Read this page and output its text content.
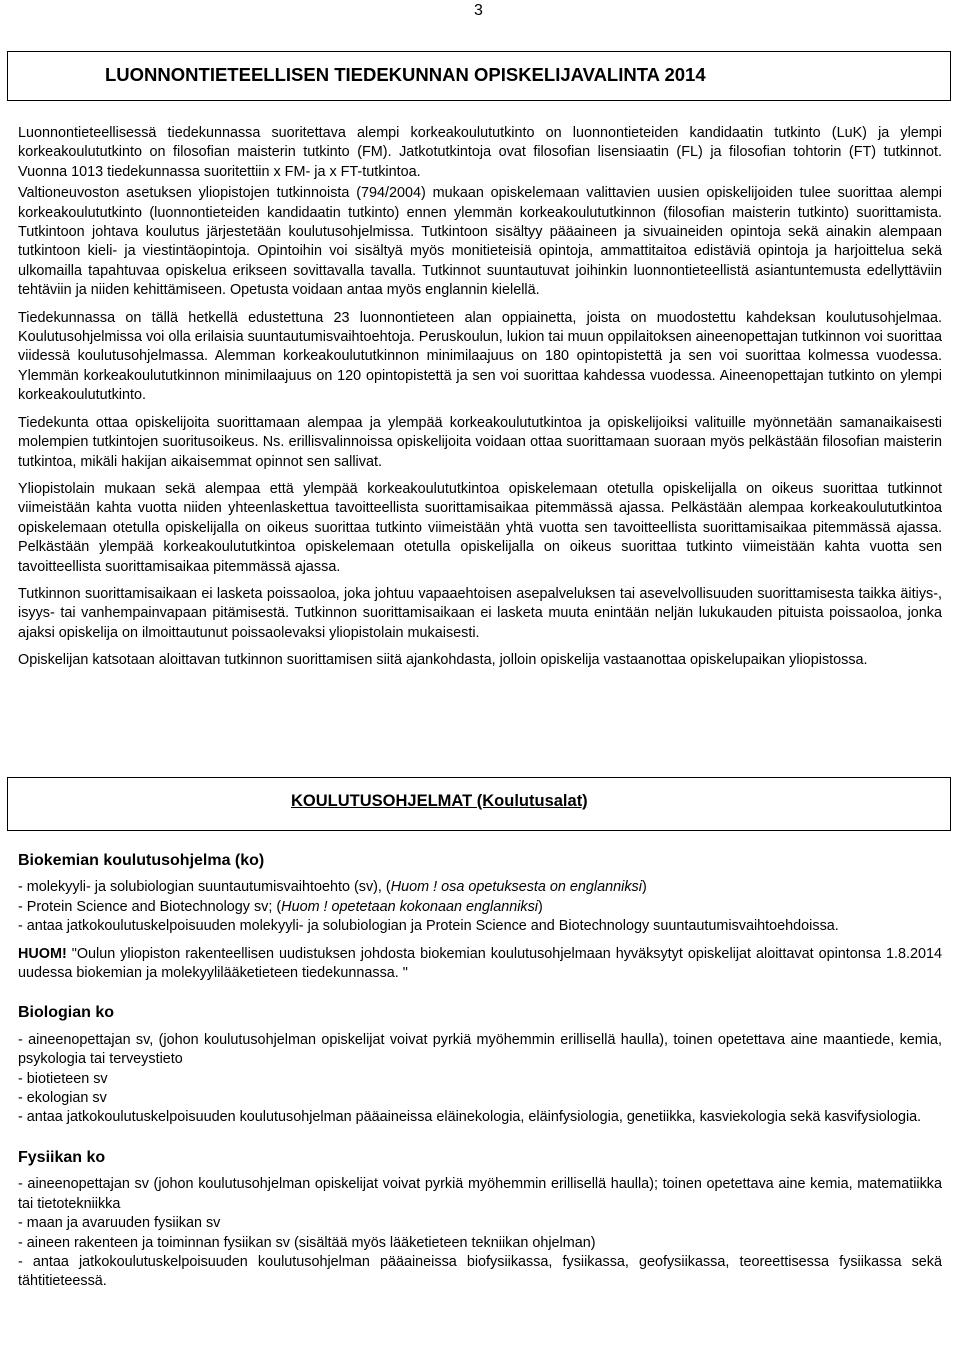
3
LUONNONTIETEELLISEN TIEDEKUNNAN OPISKELIJAVALINTA 2014

Luonnontieteellisessä tiedekunnassa suoritettava alempi korkeakoulututkinto on luonnontieteiden kandidaatin tutkinto (LuK) ja ylempi korkeakoulututkinto on filosofian maisterin tutkinto (FM). Jatkotutkintoja ovat filosofian lisensiaatin (FL) ja filosofian tohtorin (FT) tutkinnot. Vuonna 1013 tiedekunnassa suoritettiin x FM- ja x FT-tutkintoa.

Valtioneuvoston asetuksen yliopistojen tutkinnoista (794/2004) mukaan opiskelemaan valittavien uusien opiskelijoiden tulee suorittaa alempi korkeakoulututkinto (luonnontieteiden kandidaatin tutkinto) ennen ylemmän korkeakoulututkinnon (filosofian maisterin tutkinto) suorittamista. Tutkintoon johtava koulutus järjestetään koulutusohjelmissa. Tutkintoon sisältyy pääaineen ja sivuaineiden opintoja sekä ainakin alempaan tutkintoon kieli- ja viestintäopintoja. Opintoihin voi sisältyä myös monitieteisiä opintoja, ammattitaitoa edistäviä opintoja ja harjoittelua sekä ulkomailla tapahtuvaa opiskelua erikseen sovittavalla tavalla. Tutkinnot suuntautuvat joihinkin luonnontieteellistä asiantuntemusta edellyttäviin tehtäviin ja niiden kehittämiseen. Opetusta voidaan antaa myös englannin kielellä.

Tiedekunnassa on tällä hetkellä edustettuna 23 luonnontieteen alan oppiainetta, joista on muodostettu kahdeksan koulutusohjelmaa. Koulutusohjelmissa voi olla erilaisia suuntautumisvaihtoehtoja. Peruskoulun, lukion tai muun oppilaitoksen aineenopettajan tutkinnon voi suorittaa viidessä koulutusohjelmassa. Alemman korkeakoulututkinnon minimilaajuus on 180 opintopistettä ja sen voi suorittaa kolmessa vuodessa. Ylemmän korkeakoulututkinnon minimilaajuus on 120 opintopistettä ja sen voi suorittaa kahdessa vuodessa. Aineenopettajan tutkinto on ylempi korkeakoulututkinto.

Tiedekunta ottaa opiskelijoita suorittamaan alempaa ja ylempää korkeakoulututkintoa ja opiskelijoiksi valituille myönnetään samanaikaisesti molempien tutkintojen suoritusoikeus. Ns. erillisvalinnoissa opiskelijoita voidaan ottaa suorittamaan suoraan myös pelkästään filosofian maisterin tutkintoa, mikäli hakijan aikaisemmat opinnot sen sallivat.

Yliopistolain mukaan sekä alempaa että ylempää korkeakoulututkintoa opiskelemaan otetulla opiskelijalla on oikeus suorittaa tutkinnot viimeistään kahta vuotta niiden yhteenlaskettua tavoitteellista suorittamisaikaa pitemmässä ajassa. Pelkästään alempaa korkeakoulututkintoa opiskelemaan otetulla opiskelijalla on oikeus suorittaa tutkinto viimeistään yhtä vuotta sen tavoitteellista suorittamisaikaa pitemmässä ajassa. Pelkästään ylempää korkeakoulututkintoa opiskelemaan otetulla opiskelijalla on oikeus suorittaa tutkinto viimeistään kahta vuotta sen tavoitteellista suorittamisaikaa pitemmässä ajassa.

Tutkinnon suorittamisaikaan ei lasketa poissaoloa, joka johtuu vapaaehtoisen asepalveluksen tai asevelvollisuuden suorittamisesta taikka äitiys-, isyys- tai vanhempainvapaan pitämisestä. Tutkinnon suorittamisaikaan ei lasketa muuta enintään neljän lukukauden pituista poissaoloa, jonka ajaksi opiskelija on ilmoittautunut poissaolevaksi yliopistolain mukaisesti.

Opiskelijan katsotaan aloittavan tutkinnon suorittamisen siitä ajankohdasta, jolloin opiskelija vastaanottaa opiskelupaikan yliopistossa.

KOULUTUSOHJELMAT (Koulutusalat)
Biokemian koulutusohjelma (ko)
- molekyyli- ja solubiologian suuntautumisvaihtoehto (sv), (Huom ! osa opetuksesta on englanniksi)
- Protein Science and Biotechnology sv; (Huom ! opetetaan kokonaan englanniksi)
- antaa jatkokoulutuskelpoisuuden molekyyli- ja solubiologian ja Protein Science and Biotechnology suuntautumisvaihtoehdoissa.

HUOM! "Oulun yliopiston rakenteellisen uudistuksen johdosta biokemian koulutusohjelmaan hyväksytyt opiskelijat aloittavat opintonsa 1.8.2014 uudessa biokemian ja molekyylilääketieteen tiedekunnassa. "

Biologian ko
- aineenopettajan sv, (johon koulutusohjelman opiskelijat voivat pyrkiä myöhemmin erillisellä haulla), toinen opetettava aine maantiede, kemia, psykologia tai terveystieto
- biotieteen sv
- ekologian sv
- antaa jatkokoulutuskelpoisuuden koulutusohjelman pääaineissa eläinekologia, eläinfysiologia, genetiikka, kasviekologia sekä kasvifysiologia.
Fysiikan ko
- aineenopettajan sv (johon koulutusohjelman opiskelijat voivat pyrkiä myöhemmin erillisellä haulla); toinen opetettava aine kemia, matematiikka tai tietotekniikka
- maan ja avaruuden fysiikan sv
- aineen rakenteen ja toiminnan fysiikan sv (sisältää myös lääketieteen tekniikan ohjelman)
- antaa jatkokoulutuskelpoisuuden koulutusohjelman pääaineissa biofysiikassa, fysiikassa, geofysiikassa, teoreettisessa fysiikassa sekä tähtitieteessä.
